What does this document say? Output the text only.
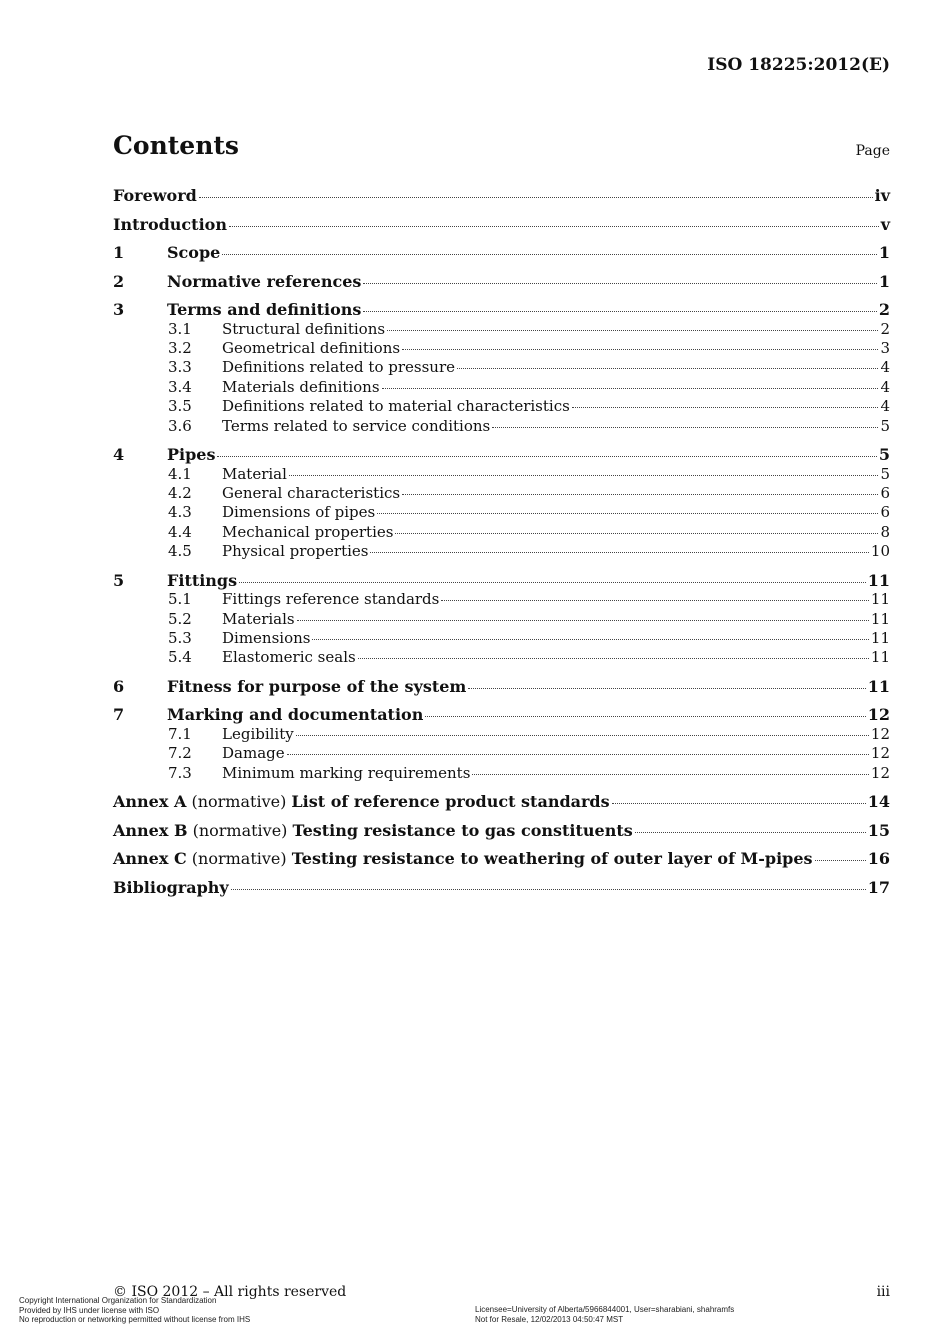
ISO 18225:2012(E)
Contents	Page
Foreword	iv
Introduction	v
1	Scope	1
2	Normative references	1
3	Terms and definitions	2
3.1	Structural definitions	2
3.2	Geometrical definitions	3
3.3	Definitions related to pressure	4
3.4	Materials definitions	4
3.5	Definitions related to material characteristics	4
3.6	Terms related to service conditions	5
4	Pipes	5
4.1	Material	5
4.2	General characteristics	6
4.3	Dimensions of pipes	6
4.4	Mechanical properties	8
4.5	Physical properties	10
5	Fittings	11
5.1	Fittings reference standards	11
5.2	Materials	11
5.3	Dimensions	11
5.4	Elastomeric seals	11
6	Fitness for purpose of the system	11
7	Marking and documentation	12
7.1	Legibility	12
7.2	Damage	12
7.3	Minimum marking requirements	12
Annex A (normative) List of reference product standards	14
Annex B (normative) Testing resistance to gas constituents	15
Annex C (normative) Testing resistance to weathering of outer layer of M-pipes	16
Bibliography	17
© ISO 2012 – All rights reserved	iii
Copyright International Organization for Standardization
Provided by IHS under license with ISO
No reproduction or networking permitted without license from IHS
Licensee=University of Alberta/5966844001, User=sharabiani, shahramfs
Not for Resale, 12/02/2013 04:50:47 MST
